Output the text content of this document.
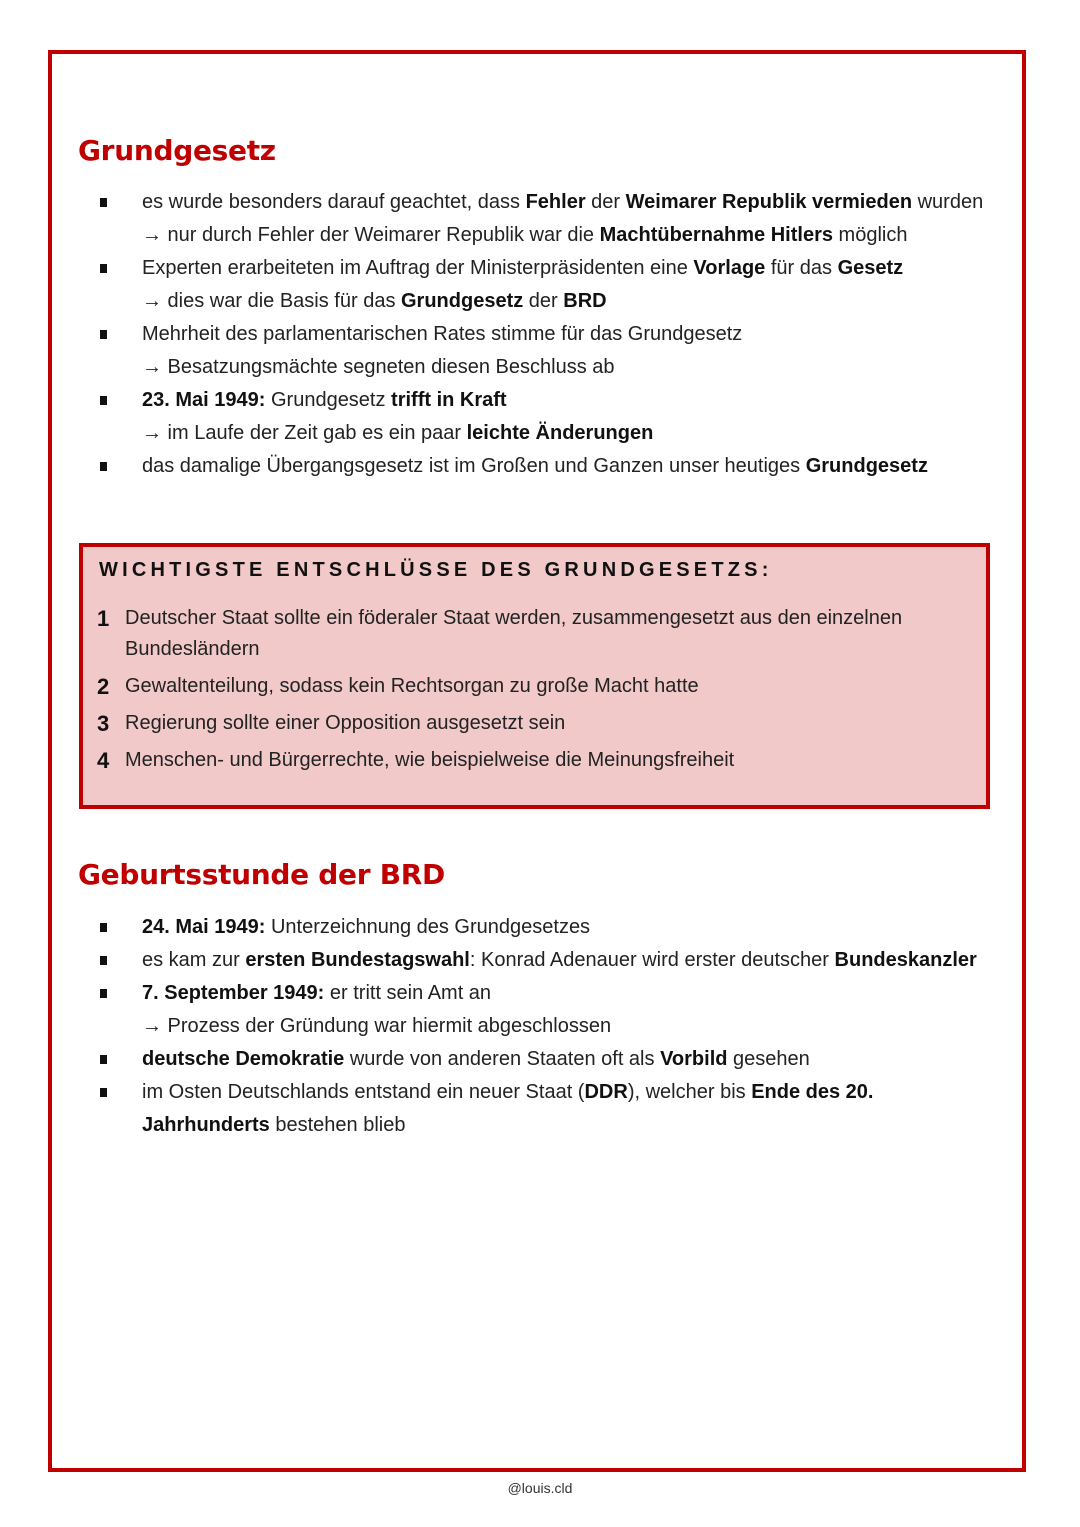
Grundgesetz
es wurde besonders darauf geachtet, dass Fehler der Weimarer Republik vermieden wurden
→ nur durch Fehler der Weimarer Republik war die Machtübernahme Hitlers möglich
Experten erarbeiteten im Auftrag der Ministerpräsidenten eine Vorlage für das Gesetz
→ dies war die Basis für das Grundgesetz der BRD
Mehrheit des parlamentarischen Rates stimme für das Grundgesetz
→ Besatzungsmächte segneten diesen Beschluss ab
23. Mai 1949: Grundgesetz trifft in Kraft
→ im Laufe der Zeit gab es ein paar leichte Änderungen
das damalige Übergangsgesetz ist im Großen und Ganzen unser heutiges Grundgesetz
WICHTIGSTE ENTSCHLÜSSE DES GRUNDGESETZS:
1 Deutscher Staat sollte ein föderaler Staat werden, zusammengesetzt aus den einzelnen Bundesländern
2 Gewaltenteilung, sodass kein Rechtsorgan zu große Macht hatte
3 Regierung sollte einer Opposition ausgesetzt sein
4 Menschen- und Bürgerrechte, wie beispielweise die Meinungsfreiheit
Geburtsstunde der BRD
24. Mai 1949: Unterzeichnung des Grundgesetzes
es kam zur ersten Bundestagswahl: Konrad Adenauer wird erster deutscher Bundeskanzler
7. September 1949: er tritt sein Amt an
→ Prozess der Gründung war hiermit abgeschlossen
deutsche Demokratie wurde von anderen Staaten oft als Vorbild gesehen
im Osten Deutschlands entstand ein neuer Staat (DDR), welcher bis Ende des 20. Jahrhunderts bestehen blieb
@louis.cld
